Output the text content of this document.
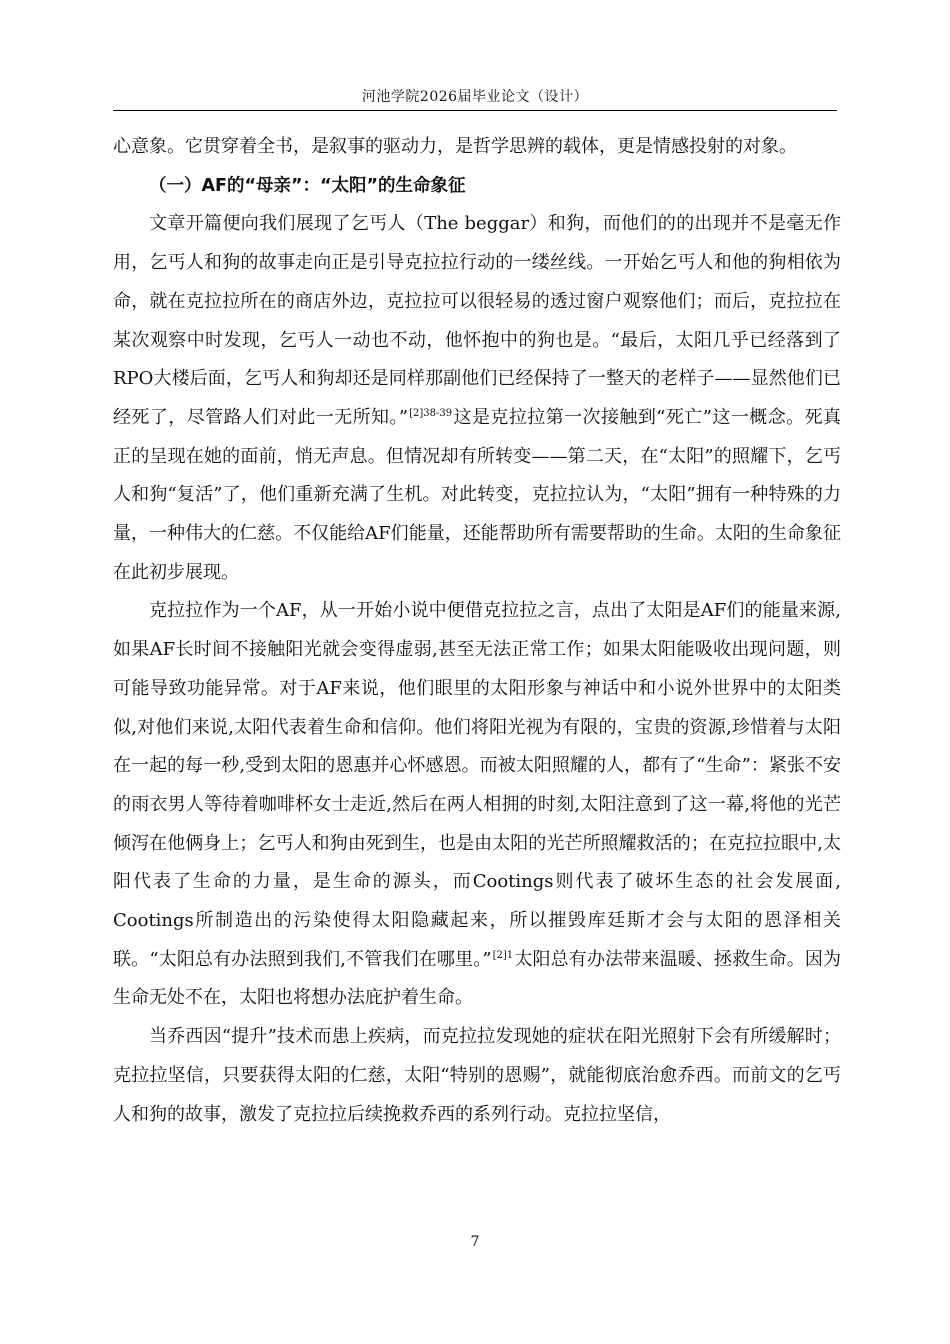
河池学院2026届毕业论文（设计）

心意象。它贯穿着全书，是叙事的驱动力，是哲学思辨的载体，更是情感投射的对象。

（一）AF的“母亲”：“太阳”的生命象征

文章开篇便向我们展现了乞丐人（The beggar）和狗，而他们的的出现并不是毫无作用，乞丐人和狗的故事走向正是引导克拉拉行动的一缕丝线。一开始乞丐人和他的狗相依为命，就在克拉拉所在的商店外边，克拉拉可以很轻易的透过窗户观察他们；而后，克拉拉在某次观察中时发现，乞丐人一动也不动，他怀抱中的狗也是。“最后，太阳几乎已经落到了RPO大楼后面，乞丐人和狗却还是同样那副他们已经保持了一整天的老样子——显然他们已经死了，尽管路人们对此一无所知。”$^{[2]38-39}$这是克拉拉第一次接触到“死亡”这一概念。死真正的呈现在她的面前，悄无声息。但情况却有所转变——第二天，在“太阳”的照耀下，乞丐人和狗“复活”了，他们重新充满了生机。对此转变，克拉拉认为，“太阳”拥有一种特殊的力量，一种伟大的仁慈。不仅能给AF们能量，还能帮助所有需要帮助的生命。太阳的生命象征在此初步展现。

克拉拉作为一个AF，从一开始小说中便借克拉拉之言，点出了太阳是AF们的能量来源,如果AF长时间不接触阳光就会变得虚弱,甚至无法正常工作；如果太阳能吸收出现问题，则可能导致功能异常。对于AF来说，他们眼里的太阳形象与神话中和小说外世界中的太阳类似,对他们来说,太阳代表着生命和信仰。他们将阳光视为有限的，宝贵的资源,珍惜着与太阳在一起的每一秒,受到太阳的恩惠并心怀感恩。而被太阳照耀的人，都有了“生命”：紧张不安的雨衣男人等待着咖啡杯女士走近,然后在两人相拥的时刻,太阳注意到了这一幕,将他的光芒倾泻在他俩身上；乞丐人和狗由死到生，也是由太阳的光芒所照耀救活的；在克拉拉眼中,太阳代表了生命的力量，是生命的源头，而Cootings则代表了破坏生态的社会发展面, Cootings所制造出的污染使得太阳隐藏起来，所以摧毁库廷斯才会与太阳的恩泽相关联。“太阳总有办法照到我们,不管我们在哪里。”$^{[2]1}$太阳总有办法带来温暖、拯救生命。因为生命无处不在，太阳也将想办法庇护着生命。

当乔西因“提升”技术而患上疾病，而克拉拉发现她的症状在阳光照射下会有所缓解时；克拉拉坚信，只要获得太阳的仁慈，太阳“特别的恩赐”，就能彻底治愈乔西。而前文的乞丐人和狗的故事，激发了克拉拉后续挽救乔西的系列行动。克拉拉坚信，

7
